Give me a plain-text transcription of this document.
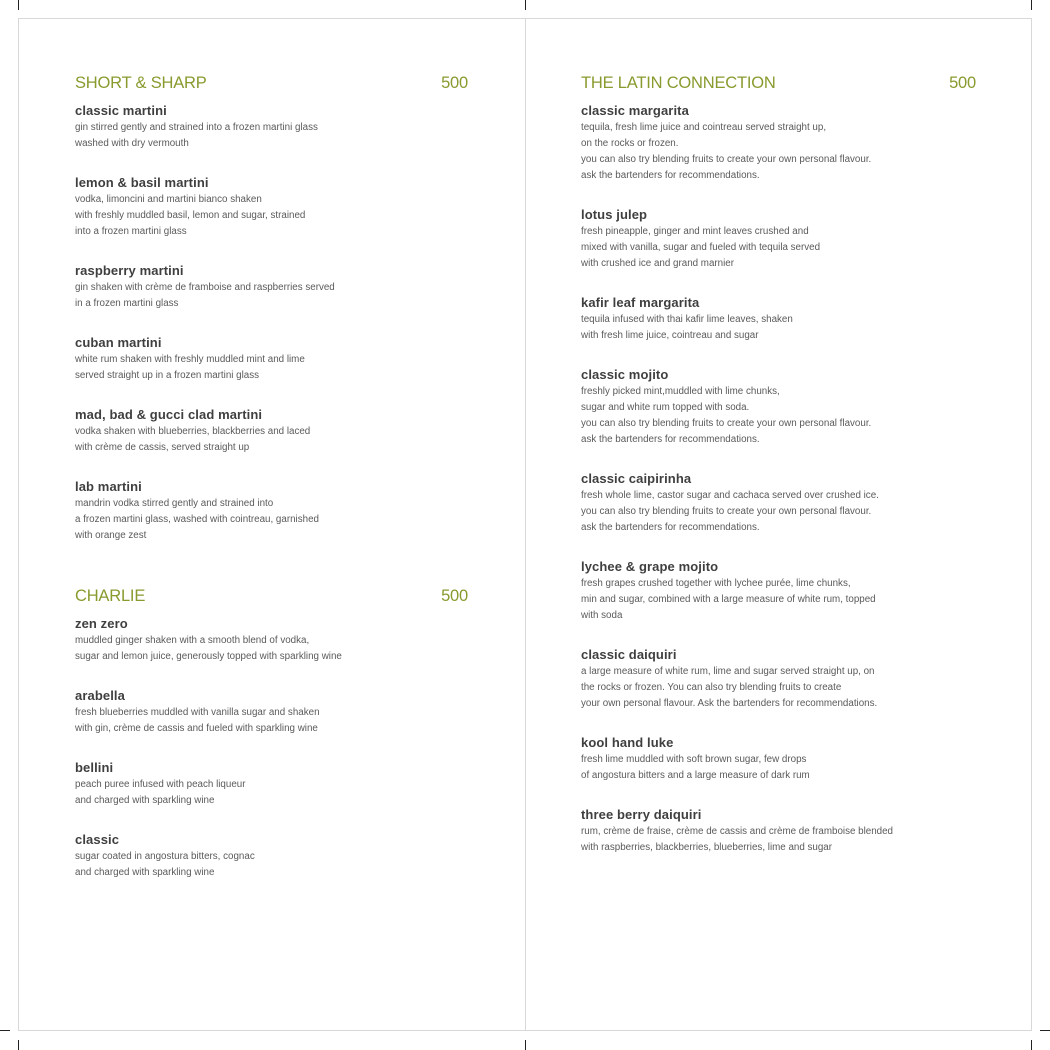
SHORT & SHARP	500
classic martini
gin stirred gently and strained into a frozen martini glass
washed with dry vermouth
lemon & basil martini
vodka, limoncini and martini bianco shaken
with freshly muddled basil, lemon and sugar, strained
into a frozen martini glass
raspberry martini
gin shaken with crème de framboise and raspberries served
in a frozen martini glass
cuban martini
white rum shaken with freshly muddled mint and lime
served straight up in a frozen martini glass
mad, bad & gucci clad martini
vodka shaken with blueberries, blackberries and laced
with crème de cassis, served straight up
lab martini
mandrin vodka stirred gently and strained into
a frozen martini glass, washed with cointreau, garnished
with orange zest
CHARLIE	500
zen zero
muddled ginger shaken with a smooth blend of vodka,
sugar and lemon juice, generously topped with sparkling wine
arabella
fresh blueberries muddled with vanilla sugar and shaken
with gin, crème de cassis and fueled with sparkling wine
bellini
peach puree infused with peach liqueur
and charged with sparkling wine
classic
sugar coated in angostura bitters, cognac
and charged with sparkling wine
THE LATIN CONNECTION	500
classic margarita
tequila, fresh lime juice and cointreau served straight up,
on the rocks or frozen.
you can also try blending fruits to create your own personal flavour.
ask the bartenders for recommendations.
lotus julep
fresh pineapple, ginger and mint leaves crushed and
mixed with vanilla, sugar and fueled with tequila served
with crushed ice and grand marnier
kafir leaf margarita
tequila infused with thai kafir lime leaves, shaken
with fresh lime juice, cointreau and sugar
classic mojito
freshly picked mint,muddled with lime chunks,
sugar and white rum topped with soda.
you can also try blending fruits to create your own personal flavour.
ask the bartenders for recommendations.
classic caipirinha
fresh whole lime, castor sugar and cachaca served over crushed ice.
you can also try blending fruits to create your own personal flavour.
ask the bartenders for recommendations.
lychee & grape mojito
fresh grapes crushed together with lychee purée, lime chunks,
min and sugar, combined with a large measure of white rum, topped
with soda
classic daiquiri
a large measure of white rum, lime and sugar served straight up, on
the rocks or frozen. You can also try blending fruits to create
your own personal flavour. Ask the bartenders for recommendations.
kool hand luke
fresh lime muddled with soft brown sugar, few drops
of angostura bitters and a large measure of dark rum
three berry daiquiri
rum, crème de fraise, crème de cassis and crème de framboise blended
with raspberries, blackberries, blueberries, lime and sugar
